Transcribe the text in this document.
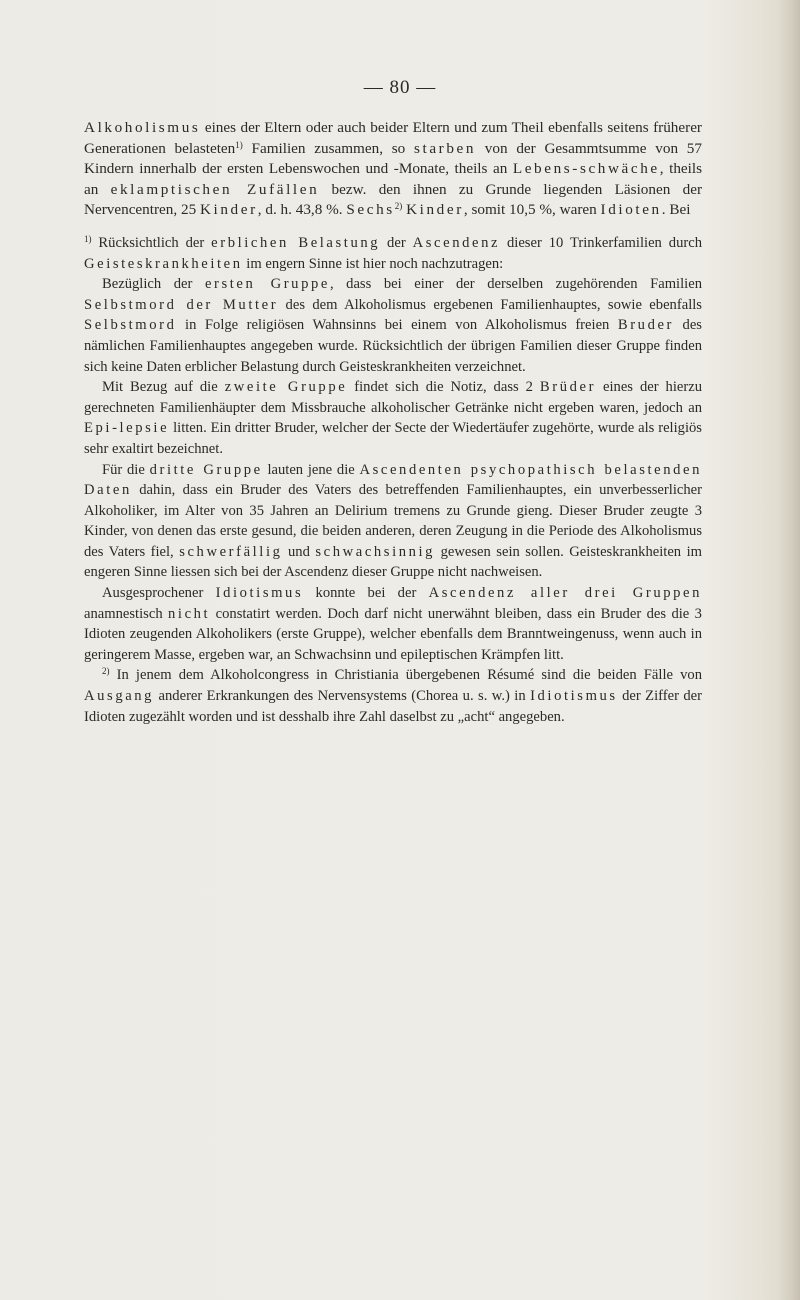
— 80 —

Alkoholismus eines der Eltern oder auch beider Eltern und zum Theil ebenfalls seitens früherer Generationen belasteten$^{1)}$ Familien zusammen, so starben von der Gesammtsumme von 57 Kindern innerhalb der ersten Lebenswochen und -Monate, theils an Lebens-schwäche, theils an eklamptischen Zufällen bezw. den ihnen zu Grunde liegenden Läsionen der Nervencentren, 25 Kinder, d. h. 43,8 %. Sechs$^{2)}$ Kinder, somit 10,5 %, waren Idioten. Bei

$^{1)}$ Rücksichtlich der erblichen Belastung der Ascendenz dieser 10 Trinkerfamilien durch Geisteskrankheiten im engern Sinne ist hier noch nachzutragen:

Bezüglich der ersten Gruppe, dass bei einer der derselben zugehörenden Familien Selbstmord der Mutter des dem Alkoholismus ergebenen Familienhauptes, sowie ebenfalls Selbstmord in Folge religiösen Wahnsinns bei einem von Alkoholismus freien Bruder des nämlichen Familienhauptes angegeben wurde. Rücksichtlich der übrigen Familien dieser Gruppe finden sich keine Daten erblicher Belastung durch Geisteskrankheiten verzeichnet.

Mit Bezug auf die zweite Gruppe findet sich die Notiz, dass 2 Brüder eines der hierzu gerechneten Familienhäupter dem Missbrauche alkoholischer Getränke nicht ergeben waren, jedoch an Epi-lepsie litten. Ein dritter Bruder, welcher der Secte der Wiedertäufer zugehörte, wurde als religiös sehr exaltirt bezeichnet.

Für die dritte Gruppe lauten jene die Ascendenten psychopathisch belastenden Daten dahin, dass ein Bruder des Vaters des betreffenden Familienhauptes, ein unverbesserlicher Alkoholiker, im Alter von 35 Jahren an Delirium tremens zu Grunde gieng. Dieser Bruder zeugte 3 Kinder, von denen das erste gesund, die beiden anderen, deren Zeugung in die Periode des Alkoholismus des Vaters fiel, schwerfällig und schwachsinnig gewesen sein sollen. Geisteskrankheiten im engeren Sinne liessen sich bei der Ascendenz dieser Gruppe nicht nachweisen.

Ausgesprochener Idiotismus konnte bei der Ascendenz aller drei Gruppen anamnestisch nicht constatirt werden. Doch darf nicht unerwähnt bleiben, dass ein Bruder des die 3 Idioten zeugenden Alkoholikers (erste Gruppe), welcher ebenfalls dem Branntweingenuss, wenn auch in geringerem Masse, ergeben war, an Schwachsinn und epileptischen Krämpfen litt.

$^{2)}$ In jenem dem Alkoholcongress in Christiania übergebenen Résumé sind die beiden Fälle von Ausgang anderer Erkrankungen des Nervensystems (Chorea u. s. w.) in Idiotismus der Ziffer der Idioten zugezählt worden und ist desshalb ihre Zahl daselbst zu „acht“ angegeben.
